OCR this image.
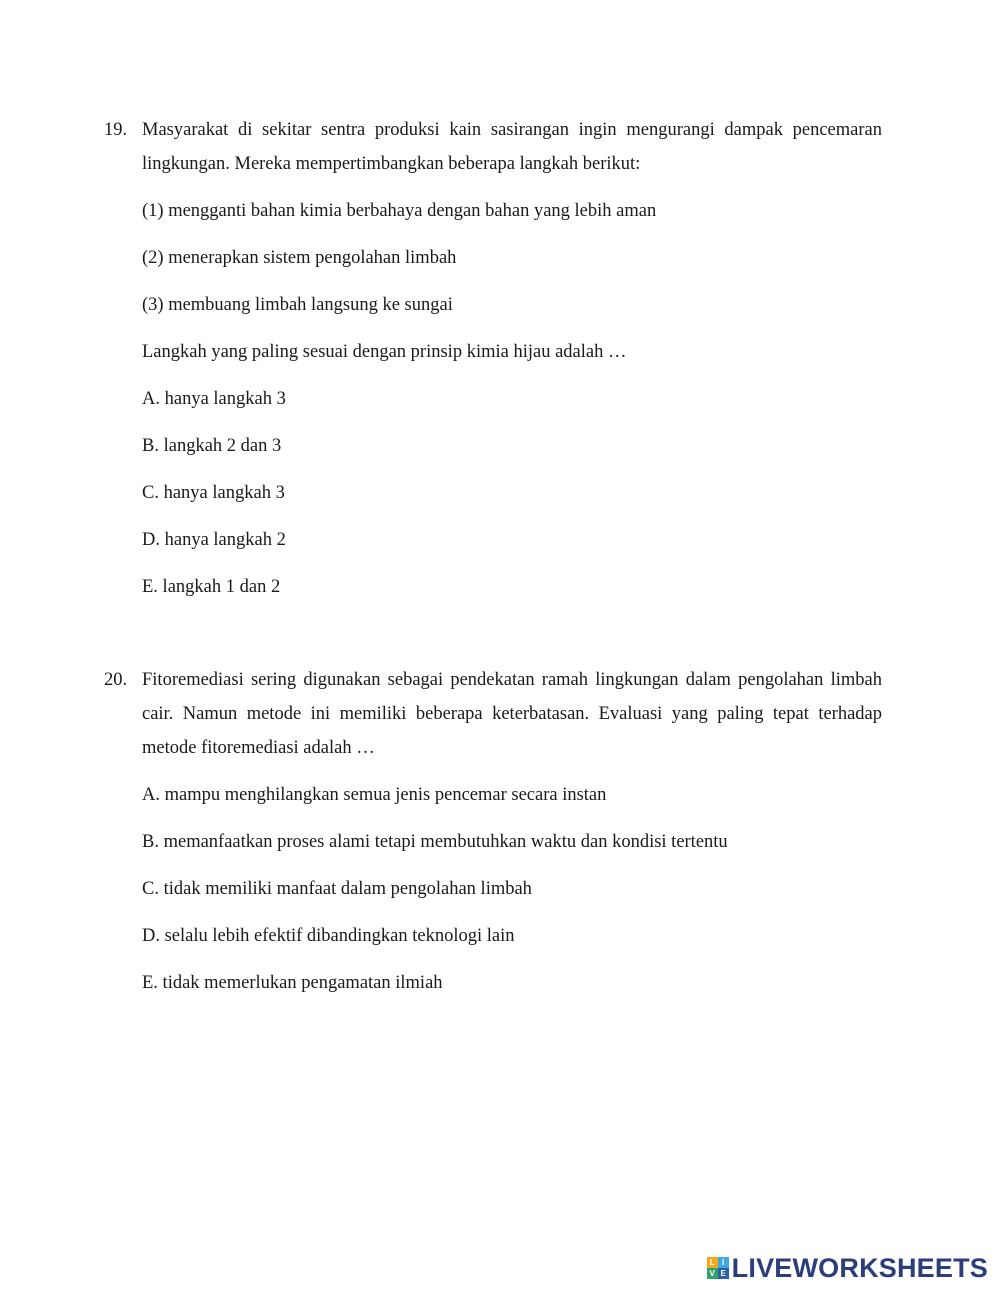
19. Masyarakat di sekitar sentra produksi kain sasirangan ingin mengurangi dampak pencemaran lingkungan. Mereka mempertimbangkan beberapa langkah berikut:
(1) mengganti bahan kimia berbahaya dengan bahan yang lebih aman
(2) menerapkan sistem pengolahan limbah
(3) membuang limbah langsung ke sungai
Langkah yang paling sesuai dengan prinsip kimia hijau adalah …
A. hanya langkah 3
B. langkah 2 dan 3
C. hanya langkah 3
D. hanya langkah 2
E. langkah 1 dan 2
20. Fitoremediasi sering digunakan sebagai pendekatan ramah lingkungan dalam pengolahan limbah cair. Namun metode ini memiliki beberapa keterbatasan. Evaluasi yang paling tepat terhadap metode fitoremediasi adalah …
A. mampu menghilangkan semua jenis pencemar secara instan
B. memanfaatkan proses alami tetapi membutuhkan waktu dan kondisi tertentu
C. tidak memiliki manfaat dalam pengolahan limbah
D. selalu lebih efektif dibandingkan teknologi lain
E. tidak memerlukan pengamatan ilmiah
L I
V E LIVEWORKSHEETS
